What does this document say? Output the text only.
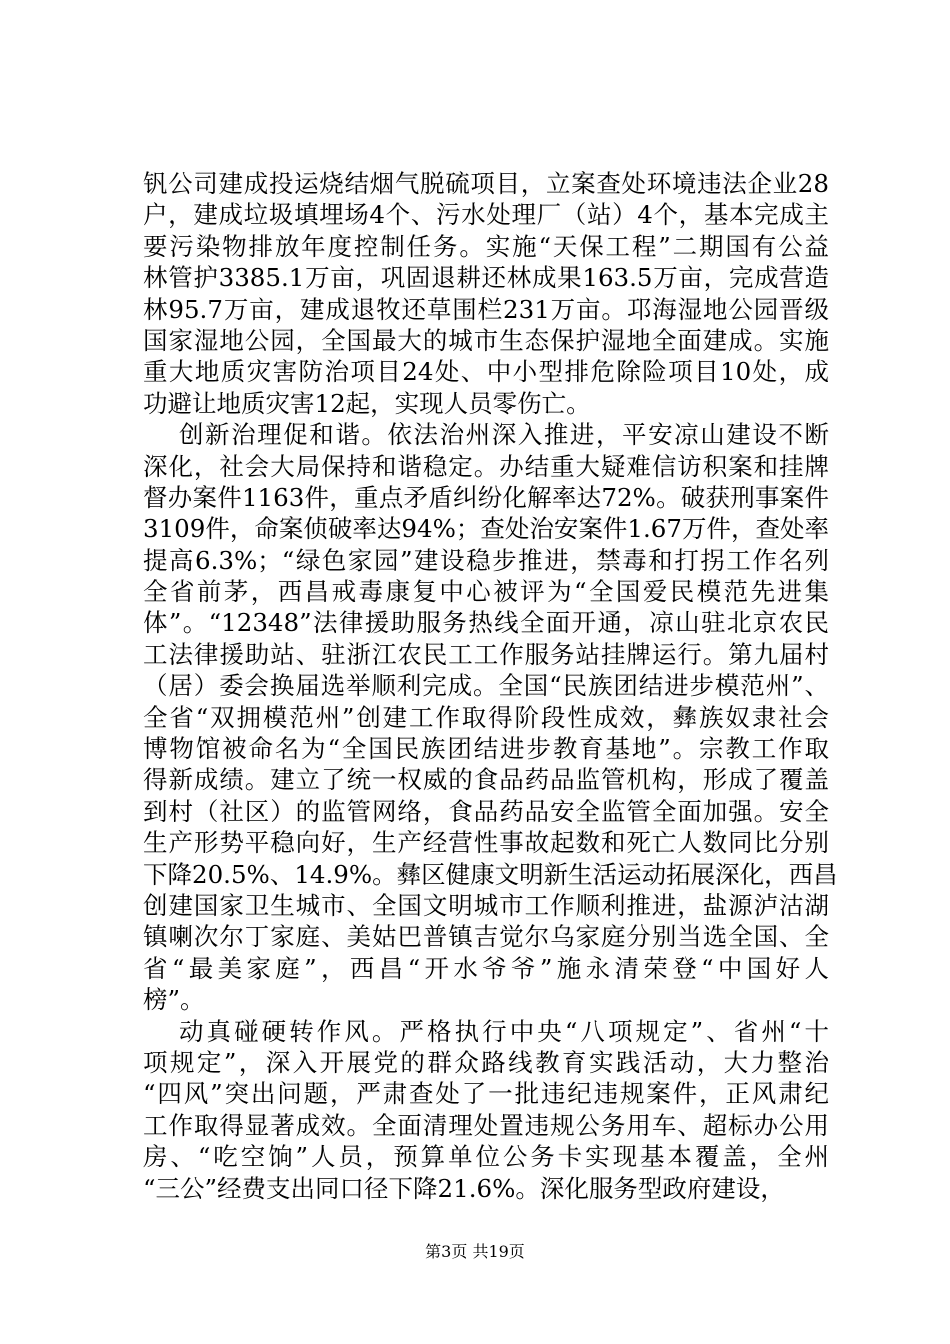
钒公司建成投运烧结烟气脱硫项目，立案查处环境违法企业28
户，建成垃圾填埋场4个、污水处理厂（站）4个，基本完成主
要污染物排放年度控制任务。实施“天保工程”二期国有公益
林管护3385.1万亩，巩固退耕还林成果163.5万亩，完成营造
林95.7万亩，建成退牧还草围栏231万亩。邛海湿地公园晋级
国家湿地公园，全国最大的城市生态保护湿地全面建成。实施
重大地质灾害防治项目24处、中小型排危除险项目10处，成
功避让地质灾害12起，实现人员零伤亡。
创新治理促和谐。依法治州深入推进，平安凉山建设不断
深化，社会大局保持和谐稳定。办结重大疑难信访积案和挂牌
督办案件1163件，重点矛盾纠纷化解率达72%。破获刑事案件
3109件，命案侦破率达94%；查处治安案件1.67万件，查处率
提高6.3%；“绿色家园”建设稳步推进，禁毒和打拐工作名列
全省前茅，西昌戒毒康复中心被评为“全国爱民模范先进集
体”。“12348”法律援助服务热线全面开通，凉山驻北京农民
工法律援助站、驻浙江农民工工作服务站挂牌运行。第九届村
（居）委会换届选举顺利完成。全国“民族团结进步模范州”、
全省“双拥模范州”创建工作取得阶段性成效，彝族奴隶社会
博物馆被命名为“全国民族团结进步教育基地”。宗教工作取
得新成绩。建立了统一权威的食品药品监管机构，形成了覆盖
到村（社区）的监管网络，食品药品安全监管全面加强。安全
生产形势平稳向好，生产经营性事故起数和死亡人数同比分别
下降20.5%、14.9%。彝区健康文明新生活运动拓展深化，西昌
创建国家卫生城市、全国文明城市工作顺利推进，盐源泸沽湖
镇喇次尔丁家庭、美姑巴普镇吉觉尔乌家庭分别当选全国、全
省“最美家庭”，西昌“开水爷爷”施永清荣登“中国好人
榜”。
动真碰硬转作风。严格执行中央“八项规定”、省州“十
项规定”，深入开展党的群众路线教育实践活动，大力整治
“四风”突出问题，严肃查处了一批违纪违规案件，正风肃纪
工作取得显著成效。全面清理处置违规公务用车、超标办公用
房、“吃空饷”人员，预算单位公务卡实现基本覆盖，全州
“三公”经费支出同口径下降21.6%。深化服务型政府建设，
第3页 共19页
